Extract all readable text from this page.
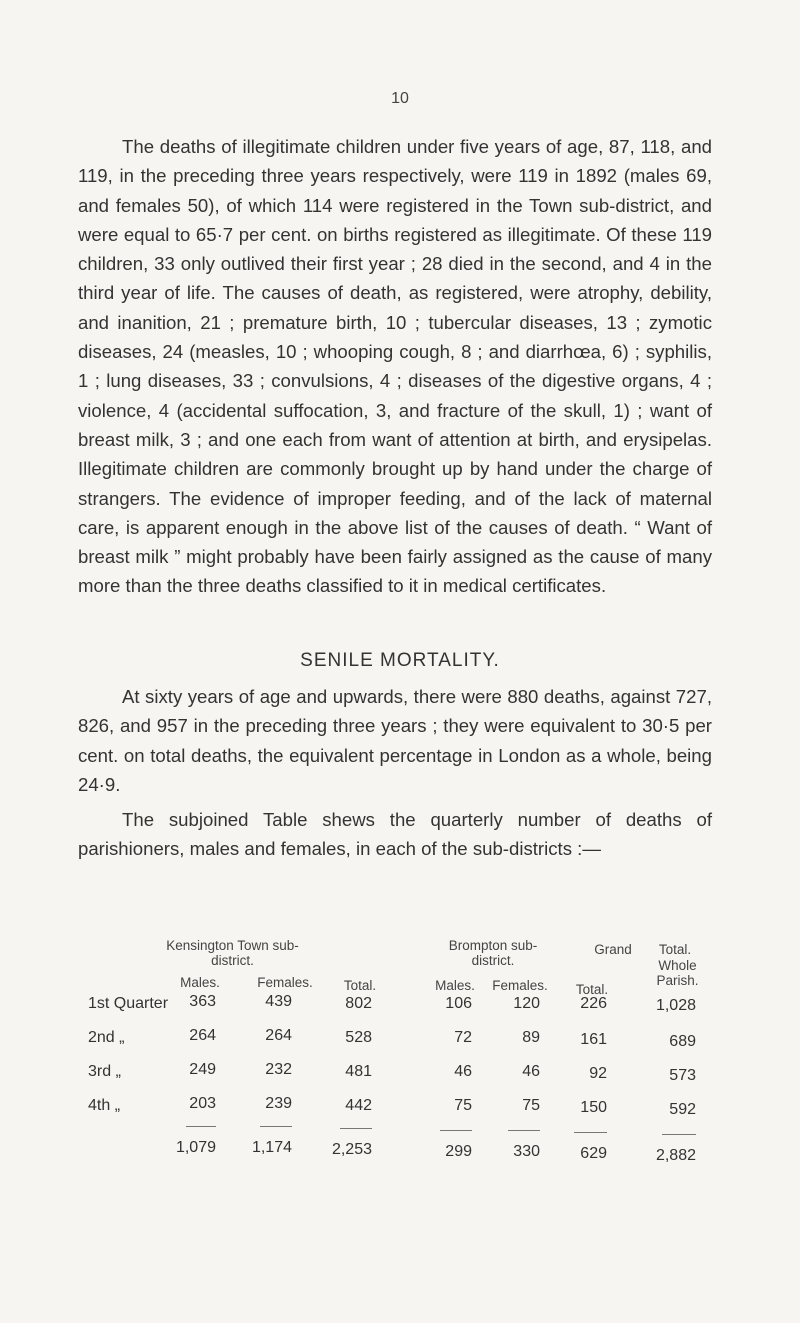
10

The deaths of illegitimate children under five years of age, 87, 118, and 119, in the preceding three years respectively, were 119 in 1892 (males 69, and females 50), of which 114 were registered in the Town sub-district, and were equal to 65·7 per cent. on births registered as illegitimate. Of these 119 children, 33 only outlived their first year ; 28 died in the second, and 4 in the third year of life. The causes of death, as registered, were atrophy, debility, and inanition, 21 ; premature birth, 10 ; tubercular diseases, 13 ; zymotic diseases, 24 (measles, 10 ; whooping cough, 8 ; and diarrhœa, 6) ; syphilis, 1 ; lung diseases, 33 ; convulsions, 4 ; diseases of the digestive organs, 4 ; violence, 4 (accidental suffocation, 3, and fracture of the skull, 1) ; want of breast milk, 3 ; and one each from want of attention at birth, and erysipelas. Illegitimate children are commonly brought up by hand under the charge of strangers. The evidence of improper feeding, and of the lack of maternal care, is apparent enough in the above list of the causes of death. “ Want of breast milk ” might probably have been fairly assigned as the cause of many more than the three deaths classified to it in medical certificates.

SENILE MORTALITY.

At sixty years of age and upwards, there were 880 deaths, against 727, 826, and 957 in the preceding three years ; they were equivalent to 30·5 per cent. on total deaths, the equivalent percentage in London as a whole, being 24·9.

The subjoined Table shews the quarterly number of deaths of parishioners, males and females, in each of the sub-districts :—

Kensington Town sub-district.
Brompton sub-district.
Grand	Total.
Whole Parish.
Males.	Females.	Total.	Males.	Females.	Total.
1st Quarter	363	439	802	106	120	226	1,028
2nd „	264	264	528	72	89	161	689
3rd „	249	232	481	46	46	92	573
4th „	203	239	442	75	75	150	592
1,079	1,174	2,253	299	330	629	2,882
